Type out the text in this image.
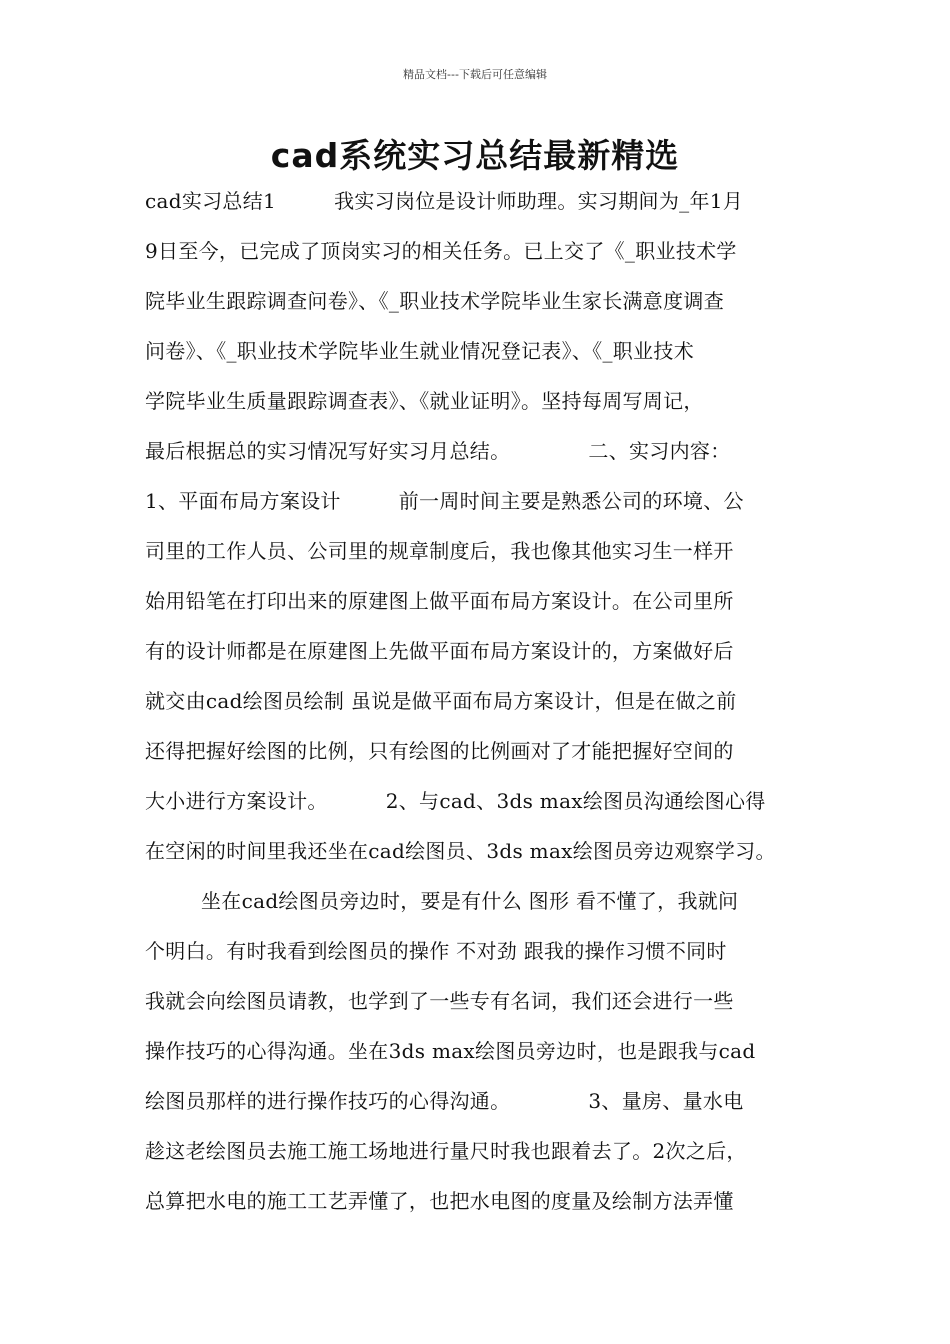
精品文档---下载后可任意编辑
cad系统实习总结最新精选
cad实习总结1	我实习岗位是设计师助理。实习期间为_年1月
9日至今，已完成了顶岗实习的相关任务。已上交了《_职业技术学
院毕业生跟踪调查问卷》、《_职业技术学院毕业生家长满意度调查
问卷》、《_职业技术学院毕业生就业情况登记表》、《_职业技术
学院毕业生质量跟踪调查表》、《就业证明》。坚持每周写周记，
最后根据总的实习情况写好实习月总结。	二、实习内容：
1、平面布局方案设计	前一周时间主要是熟悉公司的环境、公
司里的工作人员、公司里的规章制度后，我也像其他实习生一样开
始用铅笔在打印出来的原建图上做平面布局方案设计。在公司里所
有的设计师都是在原建图上先做平面布局方案设计的，方案做好后
就交由cad绘图员绘制 虽说是做平面布局方案设计，但是在做之前
还得把握好绘图的比例，只有绘图的比例画对了才能把握好空间的
大小进行方案设计。	2、与cad、3ds max绘图员沟通绘图心得
在空闲的时间里我还坐在cad绘图员、3ds max绘图员旁边观察学习。
坐在cad绘图员旁边时，要是有什么 图形 看不懂了，我就问
个明白。有时我看到绘图员的操作 不对劲 跟我的操作习惯不同时
我就会向绘图员请教，也学到了一些专有名词，我们还会进行一些
操作技巧的心得沟通。坐在3ds max绘图员旁边时，也是跟我与cad
绘图员那样的进行操作技巧的心得沟通。	3、量房、量水电
趁这老绘图员去施工施工场地进行量尺时我也跟着去了。2次之后，
总算把水电的施工工艺弄懂了，也把水电图的度量及绘制方法弄懂
